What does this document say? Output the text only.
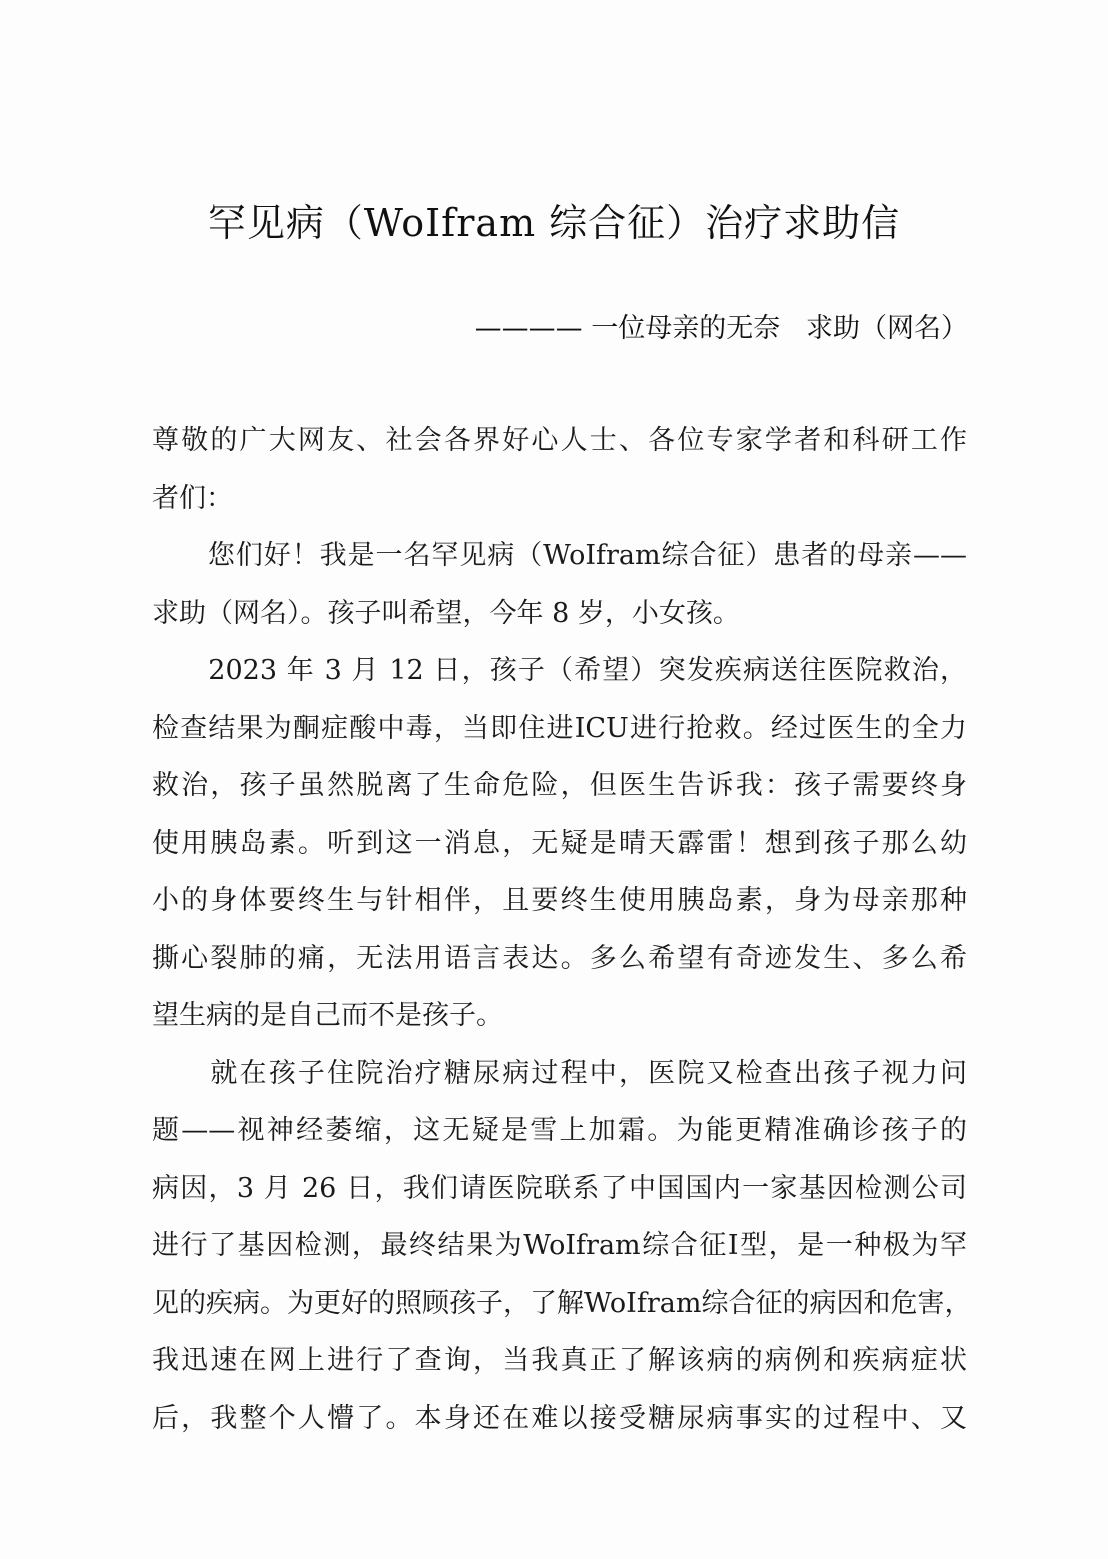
罕见病（WoIfram 综合征）治疗求助信
———— 一位母亲的无奈   求助（网名）
尊敬的广大网友、社会各界好心人士、各位专家学者和科研工作
者们：
　　您们好！我是一名罕见病（WoIfram综合征）患者的母亲——
求助（网名）。孩子叫希望，今年 8 岁，小女孩。
　　2023 年 3 月 12 日，孩子（希望）突发疾病送往医院救治，
检查结果为酮症酸中毒，当即住进ICU进行抢救。经过医生的全力
救治，孩子虽然脱离了生命危险，但医生告诉我：孩子需要终身
使用胰岛素。听到这一消息，无疑是晴天霹雷！想到孩子那么幼
小的身体要终生与针相伴，且要终生使用胰岛素，身为母亲那种
撕心裂肺的痛，无法用语言表达。多么希望有奇迹发生、多么希
望生病的是自己而不是孩子。
　　就在孩子住院治疗糖尿病过程中，医院又检查出孩子视力问
题——视神经萎缩，这无疑是雪上加霜。为能更精准确诊孩子的
病因，3 月 26 日，我们请医院联系了中国国内一家基因检测公司
进行了基因检测，最终结果为WoIfram综合征I型，是一种极为罕
见的疾病。为更好的照顾孩子，了解WoIfram综合征的病因和危害，
我迅速在网上进行了查询，当我真正了解该病的病例和疾病症状
后，我整个人懵了。本身还在难以接受糖尿病事实的过程中、又
